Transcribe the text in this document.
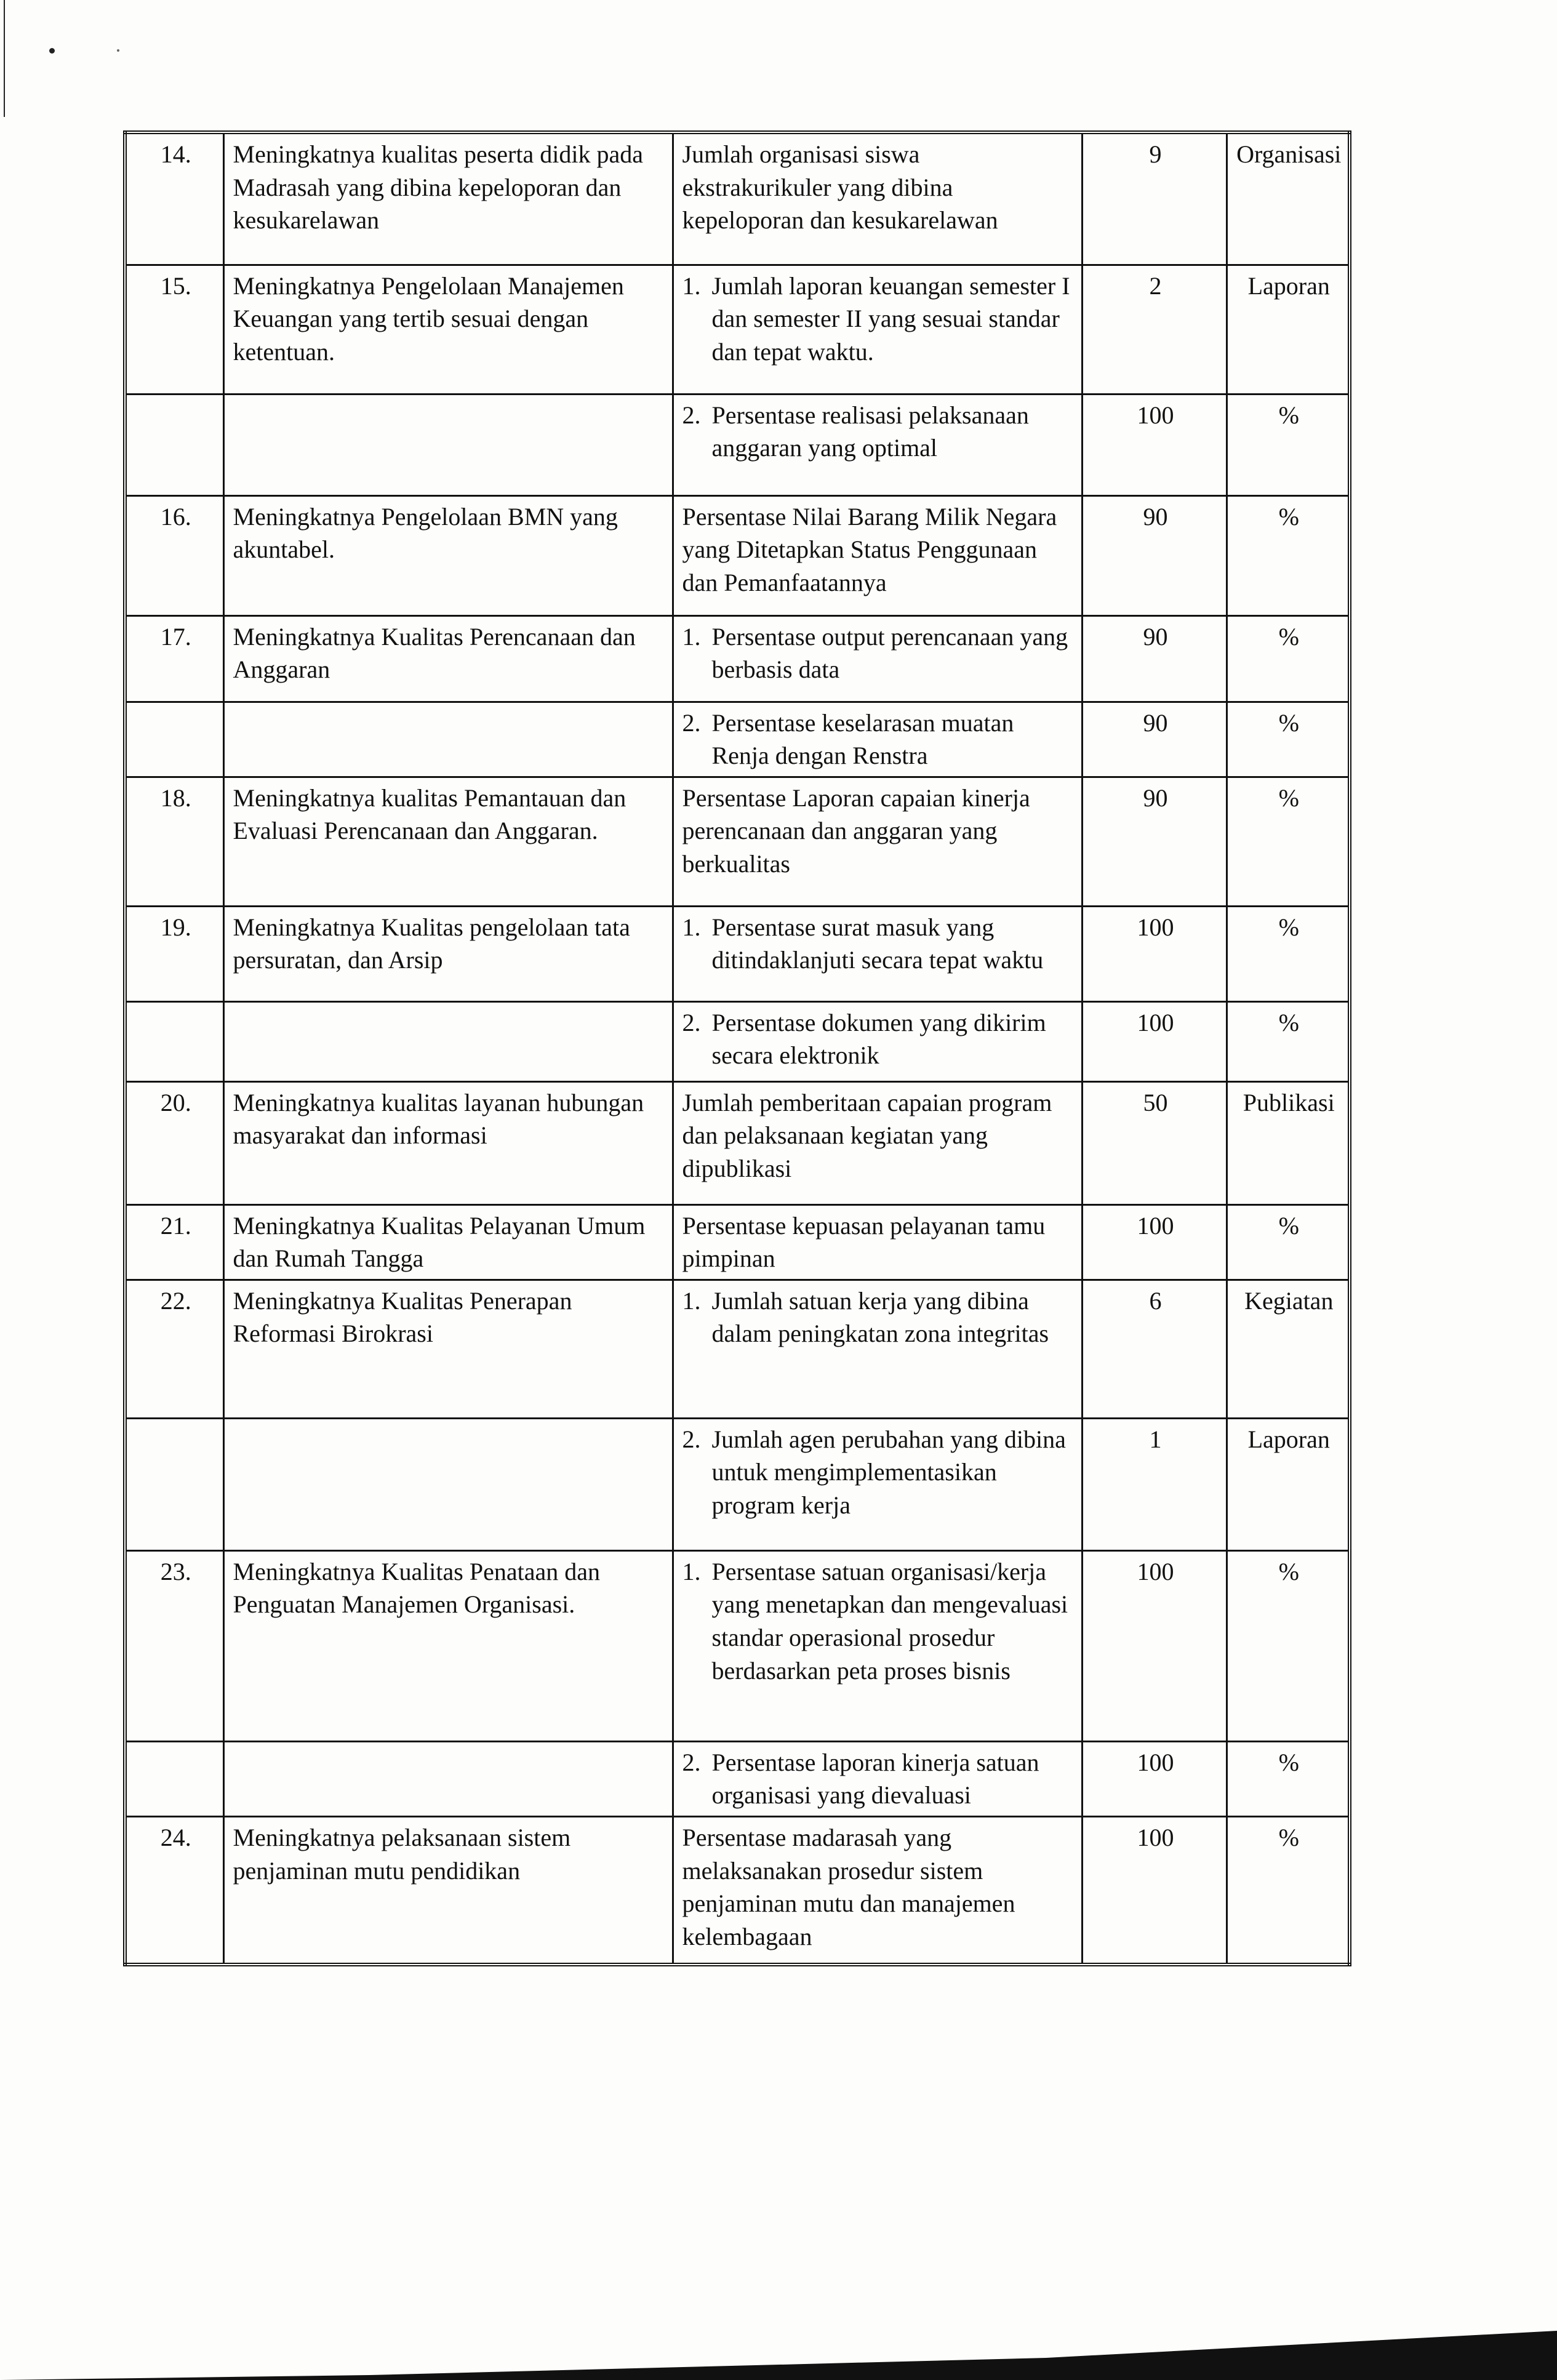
14.	Meningkatnya kualitas peserta didik pada Madrasah yang dibina kepeloporan dan kesukarelawan	Jumlah organisasi siswa ekstrakurikuler yang dibina kepeloporan dan kesukarelawan	9	Organisasi
15.	Meningkatnya Pengelolaan Manajemen Keuangan yang tertib sesuai dengan ketentuan.	1. Jumlah laporan keuangan semester I dan semester II yang sesuai standar dan tepat waktu.	2	Laporan

		2. Persentase realisasi pelaksanaan anggaran yang optimal	100	%
16.	Meningkatnya Pengelolaan BMN yang akuntabel.	Persentase Nilai Barang Milik Negara yang Ditetapkan Status Penggunaan dan Pemanfaatannya	90	%
17.	Meningkatnya Kualitas Perencanaan dan Anggaran	1. Persentase output perencanaan yang berbasis data	90	%

		2. Persentase keselarasan muatan Renja dengan Renstra	90	%
18.	Meningkatnya kualitas Pemantauan dan Evaluasi Perencanaan dan Anggaran.	Persentase Laporan capaian kinerja perencanaan dan anggaran yang berkualitas	90	%
19.	Meningkatnya Kualitas pengelolaan tata persuratan, dan Arsip	1. Persentase surat masuk yang ditindaklanjuti secara tepat waktu	100	%

		2. Persentase dokumen yang dikirim secara elektronik	100	%
20.	Meningkatnya kualitas layanan hubungan masyarakat dan informasi	Jumlah pemberitaan capaian program dan pelaksanaan kegiatan yang dipublikasi	50	Publikasi
21.	Meningkatnya Kualitas Pelayanan Umum dan Rumah Tangga	Persentase kepuasan pelayanan tamu pimpinan	100	%
22.	Meningkatnya Kualitas Penerapan Reformasi Birokrasi	1. Jumlah satuan kerja yang dibina dalam peningkatan zona integritas	6	Kegiatan

		2. Jumlah agen perubahan yang dibina untuk mengimplementasikan program kerja	1	Laporan
23.	Meningkatnya Kualitas Penataan dan Penguatan Manajemen Organisasi.	1. Persentase satuan organisasi/kerja yang menetapkan dan mengevaluasi standar operasional prosedur berdasarkan peta proses bisnis	100	%

		2. Persentase laporan kinerja satuan organisasi yang dievaluasi	100	%
24.	Meningkatnya pelaksanaan sistem penjaminan mutu pendidikan	Persentase madarasah yang melaksanakan prosedur sistem penjaminan mutu dan manajemen kelembagaan	100	%
